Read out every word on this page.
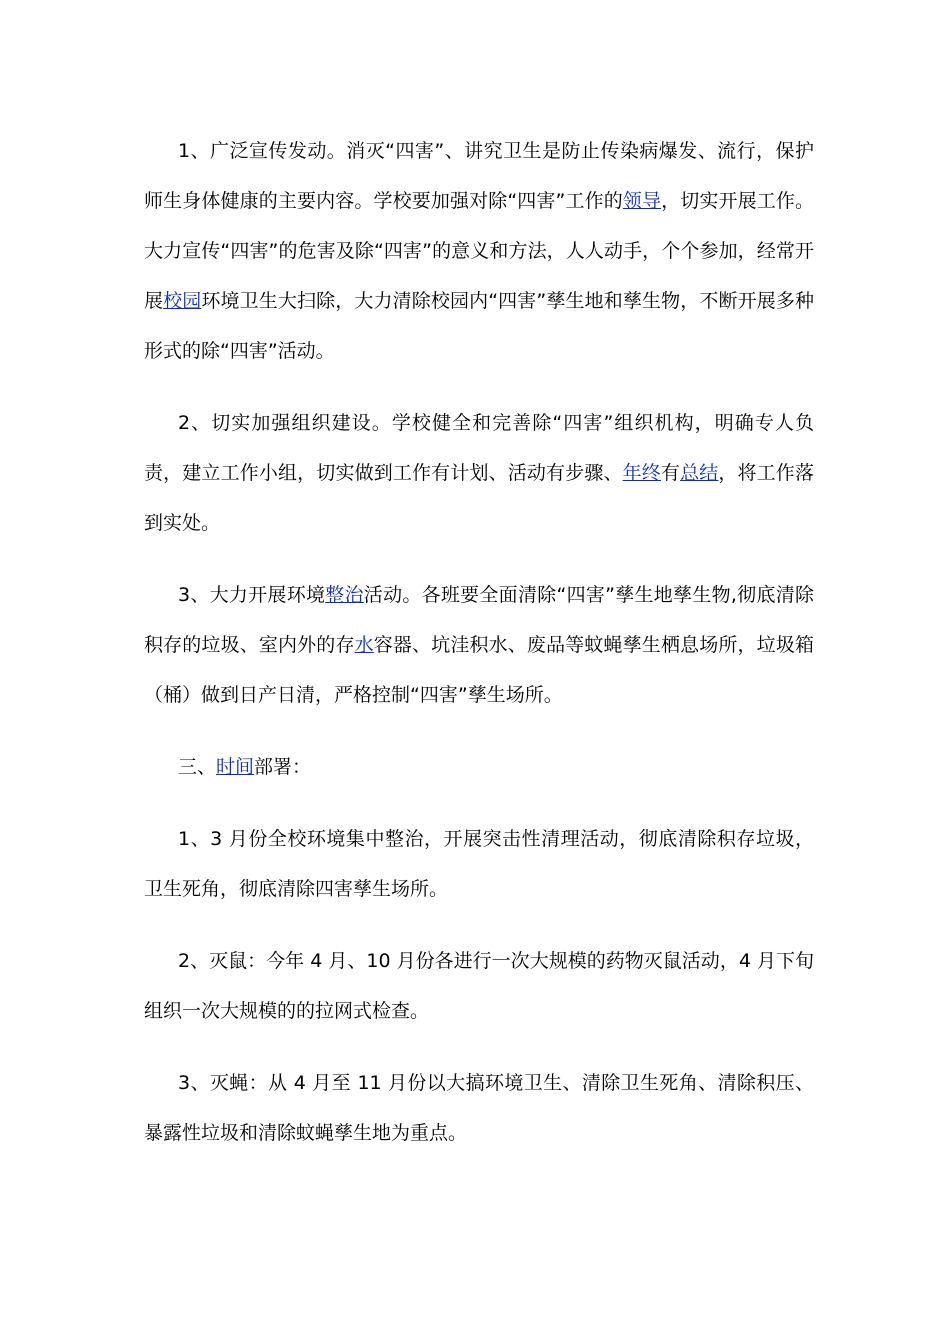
1、广泛宣传发动。消灭“四害”、讲究卫生是防止传染病爆发、流行，保护师生身体健康的主要内容。学校要加强对除“四害”工作的领导，切实开展工作。大力宣传“四害”的危害及除“四害”的意义和方法，人人动手，个个参加，经常开展校园环境卫生大扫除，大力清除校园内“四害”孳生地和孳生物，不断开展多种形式的除“四害”活动。

2、切实加强组织建设。学校健全和完善除“四害”组织机构，明确专人负责，建立工作小组，切实做到工作有计划、活动有步骤、年终有总结，将工作落到实处。

3、大力开展环境整治活动。各班要全面清除“四害”孳生地孳生物,彻底清除积存的垃圾、室内外的存水容器、坑洼积水、废品等蚊蝇孳生栖息场所，垃圾箱（桶）做到日产日清，严格控制“四害”孳生场所。

三、时间部署：

1、3 月份全校环境集中整治，开展突击性清理活动，彻底清除积存垃圾，卫生死角，彻底清除四害孳生场所。

2、灭鼠：今年 4 月、10 月份各进行一次大规模的药物灭鼠活动，4 月下旬组织一次大规模的的拉网式检查。

3、灭蝇：从 4 月至 11 月份以大搞环境卫生、清除卫生死角、清除积压、暴露性垃圾和清除蚊蝇孳生地为重点。
